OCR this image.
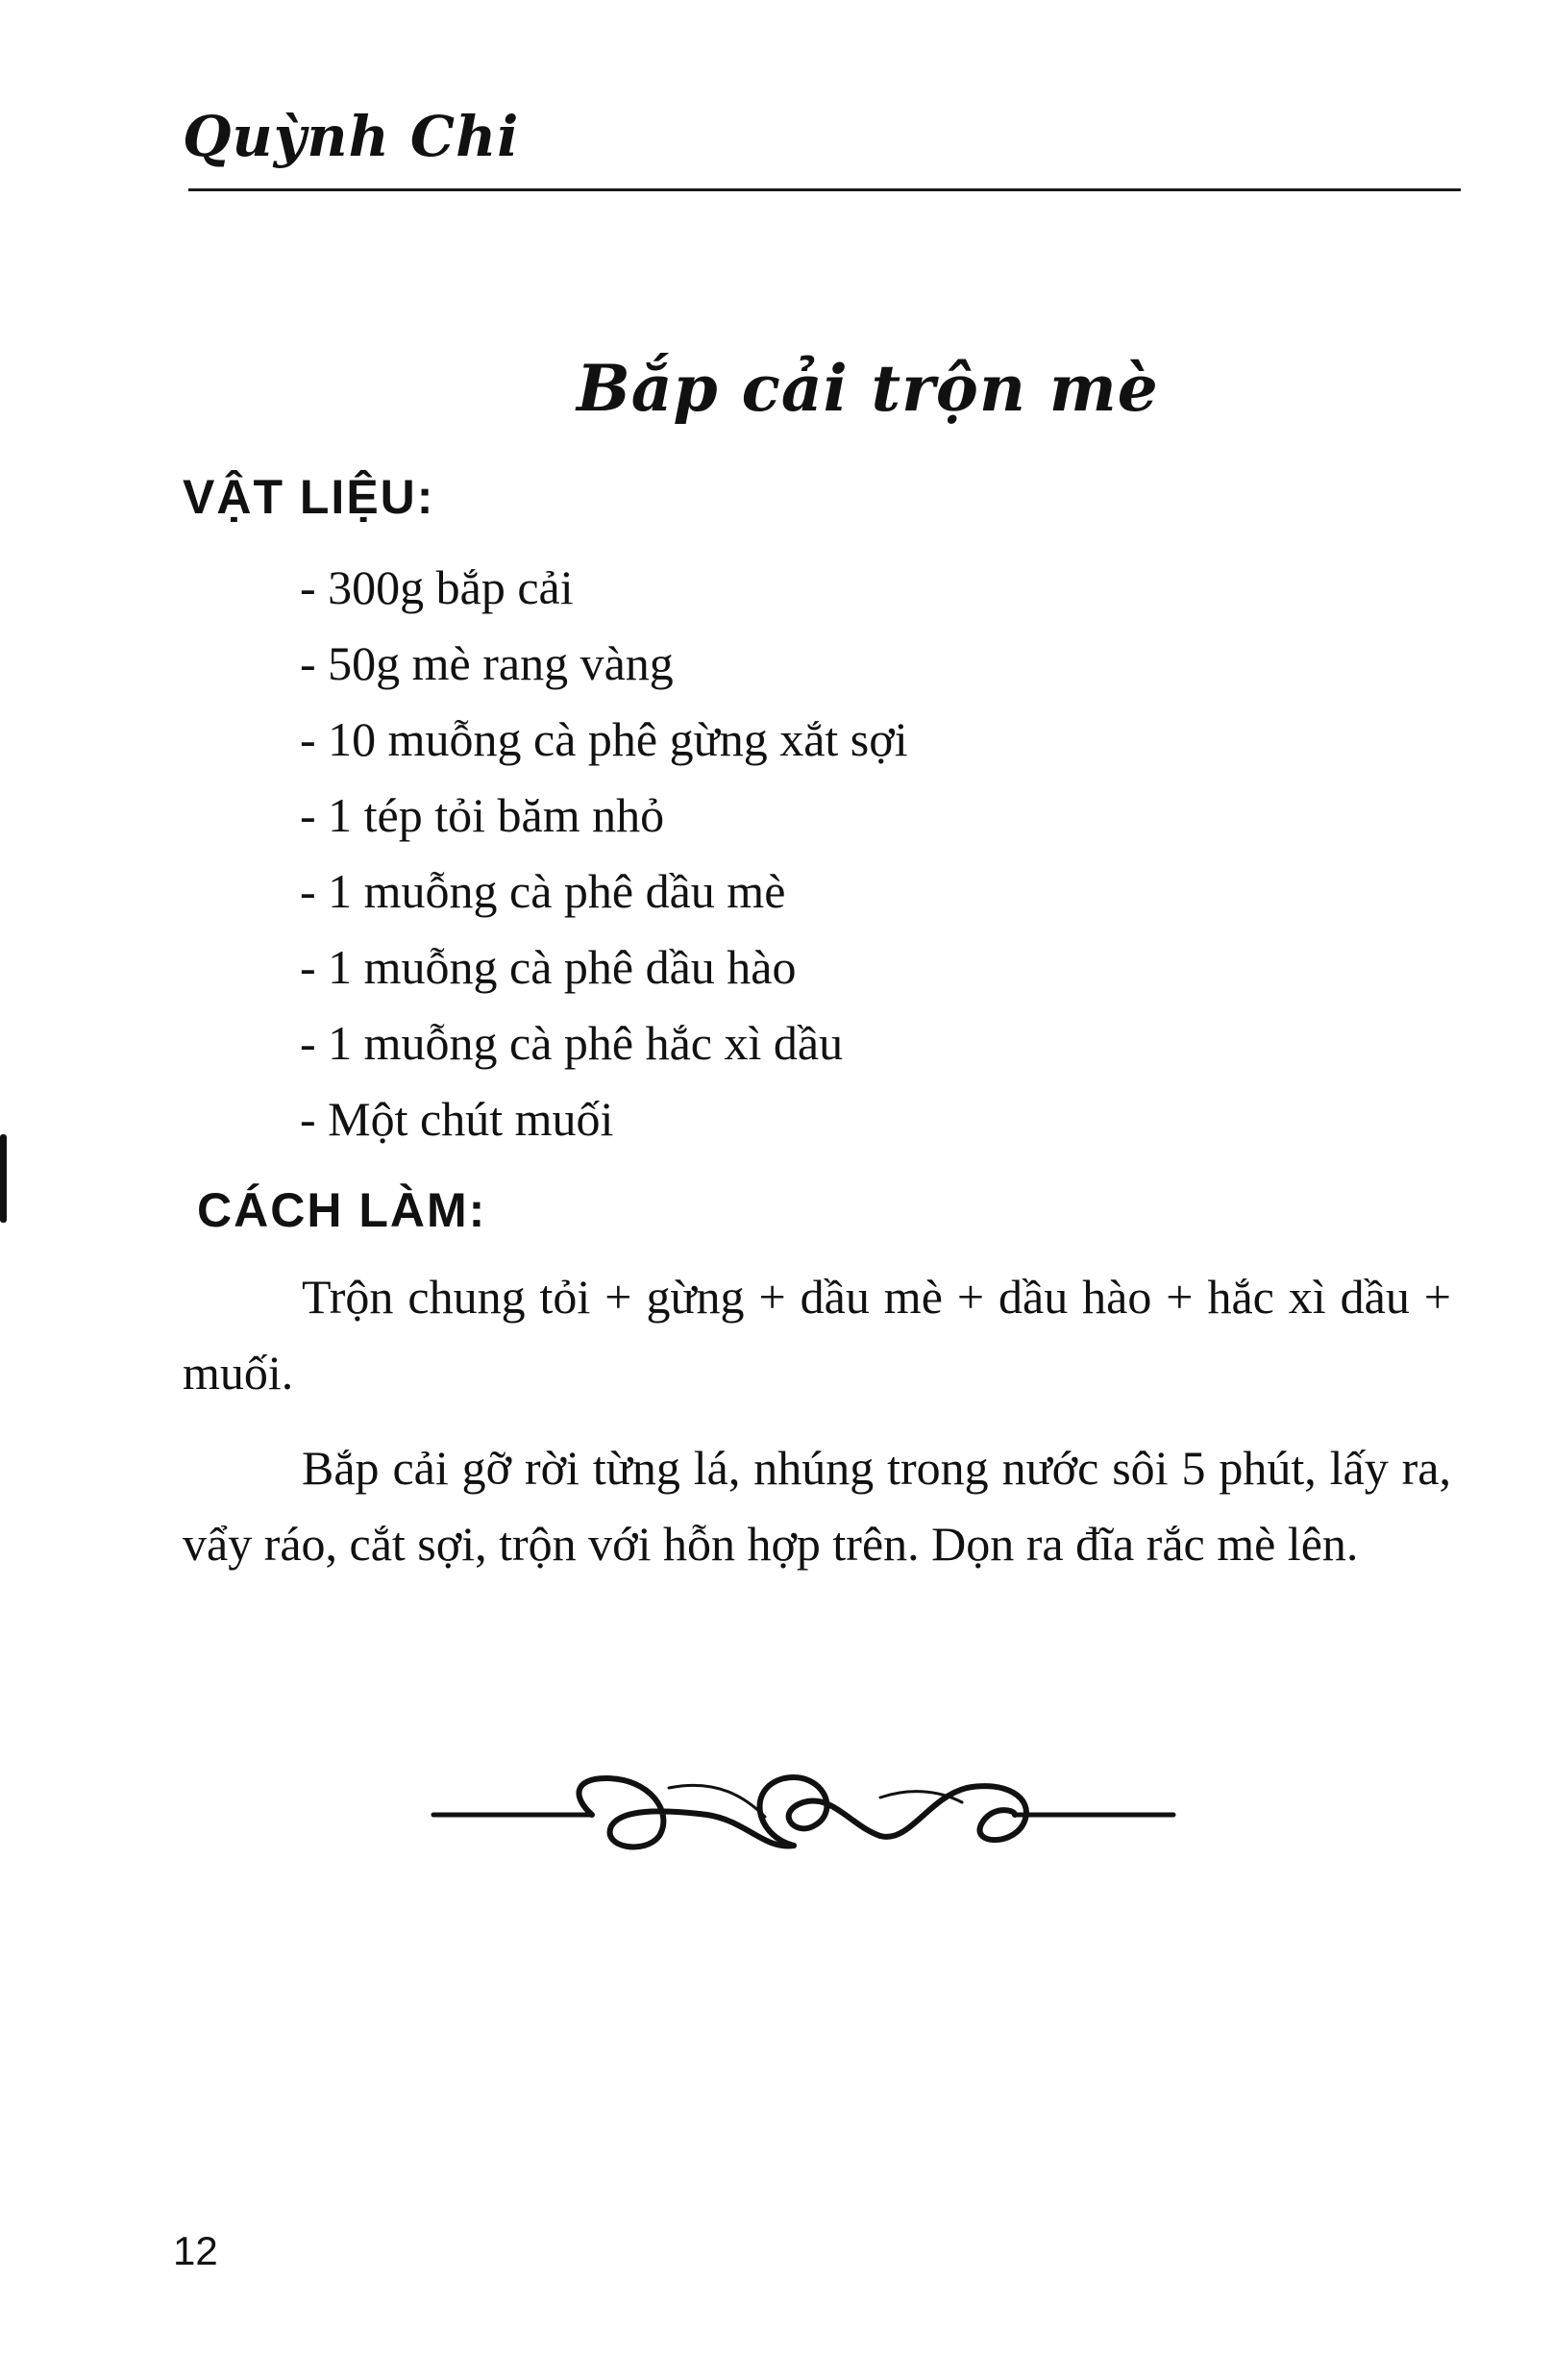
Quỳnh Chi
Bắp cải trộn mè
VẬT LIỆU:
- 300g bắp cải
- 50g mè rang vàng
- 10 muỗng cà phê gừng xắt sợi
- 1 tép tỏi băm nhỏ
- 1 muỗng cà phê dầu mè
- 1 muỗng cà phê dầu hào
- 1 muỗng cà phê hắc xì dầu
- Một chút muối
CÁCH LÀM:

Trộn chung tỏi + gừng + dầu mè + dầu hào + hắc xì dầu + muối.

Bắp cải gỡ rời từng lá, nhúng trong nước sôi 5 phút, lấy ra, vẩy ráo, cắt sợi, trộn với hỗn hợp trên. Dọn ra đĩa rắc mè lên.

12
